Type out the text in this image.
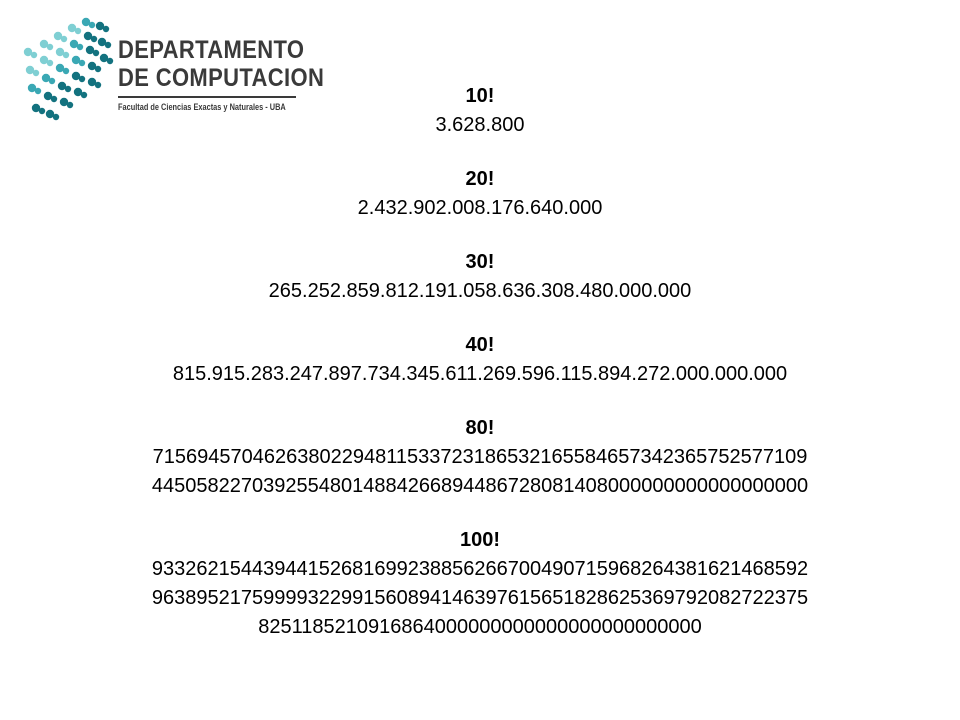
DEPARTAMENTO
DE COMPUTACION
Facultad de Ciencias Exactas y Naturales - UBA	10!
3.628.800
20!
2.432.902.008.176.640.000
30!
265.252.859.812.191.058.636.308.480.000.000
40!
815.915.283.247.897.734.345.611.269.596.115.894.272.000.000.000
80!
71569457046263802294811533723186532165584657342365752577109
44505822703925548014884266894486728081408000000000000000000
100!
93326215443944152681699238856266700490715968264381621468592
96389521759999322991560894146397615651828625369792082722375
8251185210916864000000000000000000000000
